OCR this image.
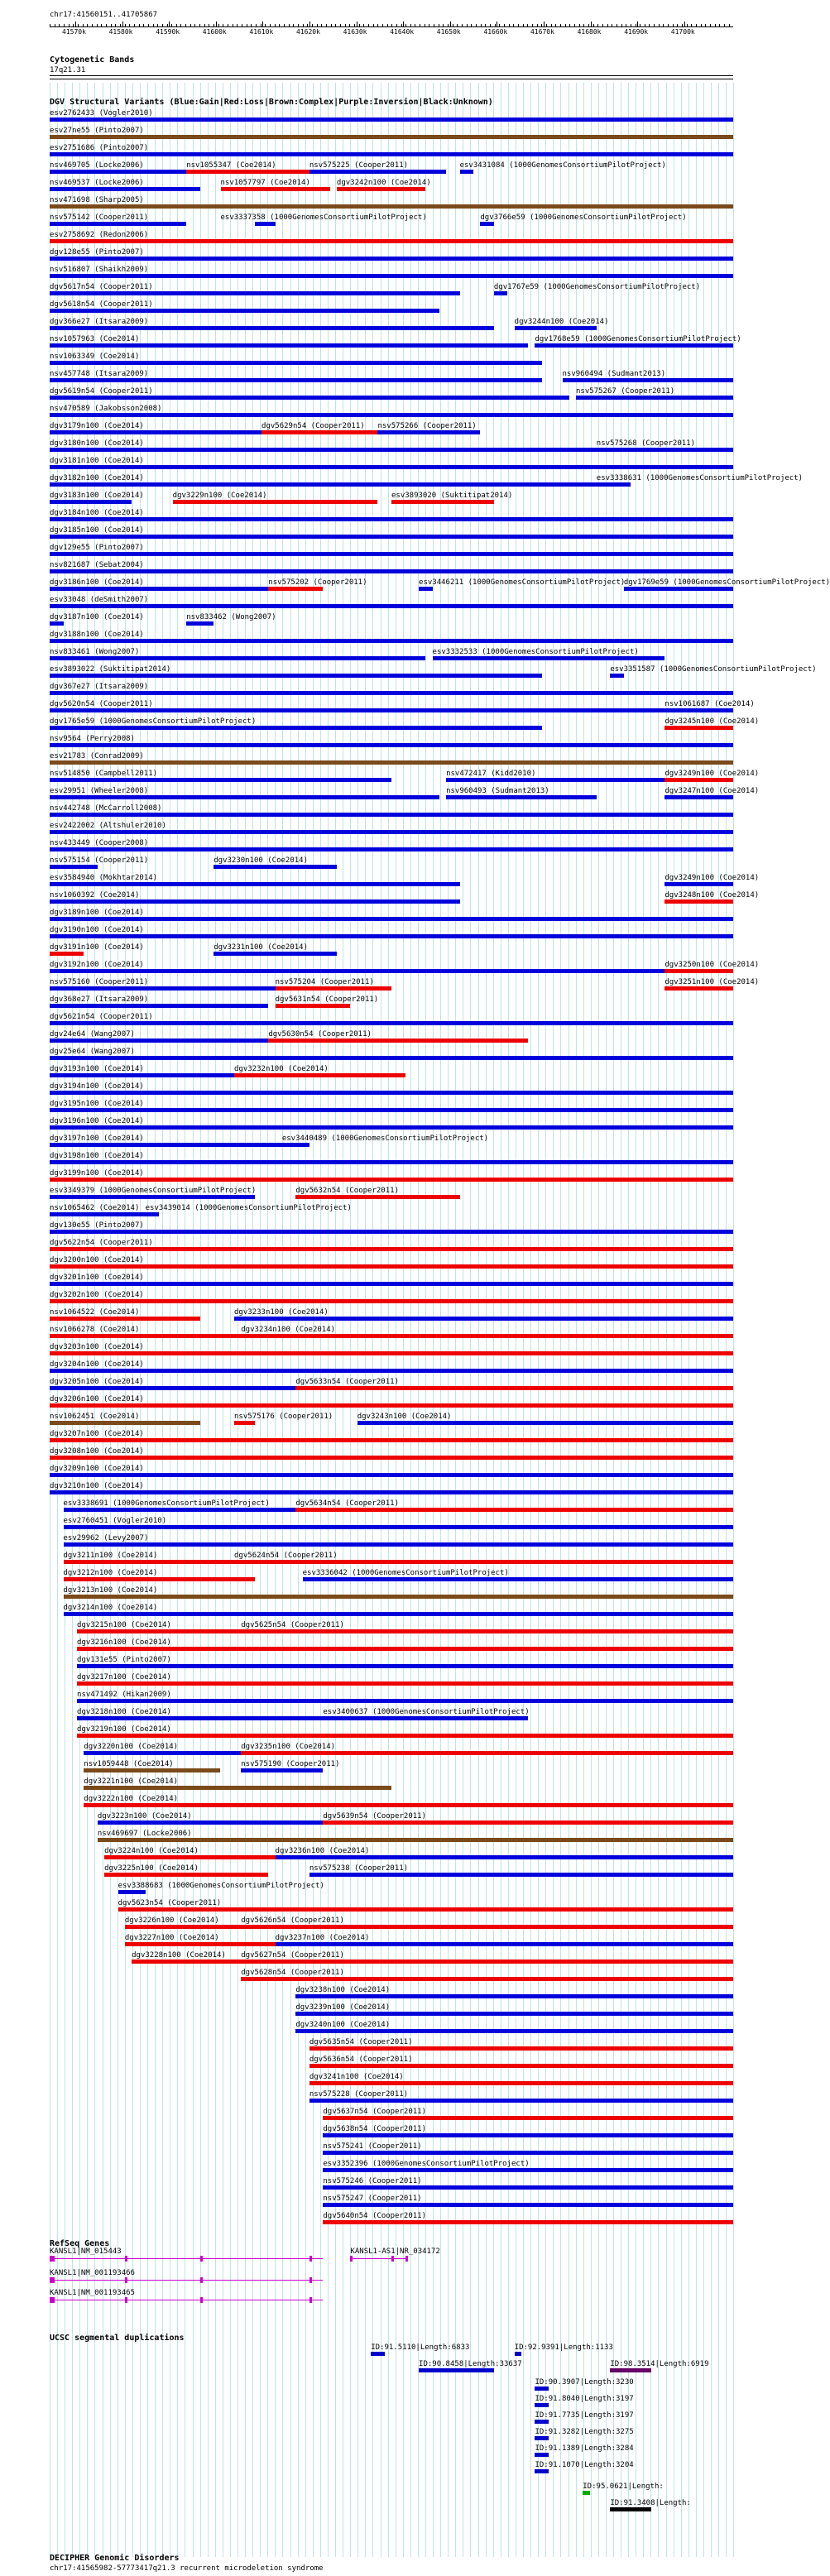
chr17:41560151..41705867
41570k	41580k	41590k	41600k	41610k	41620k	41630k	41640k	41650k	41660k	41670k	41680k	41690k	41700k
Cytogenetic Bands
17q21.31
DGV Structural Variants (Blue:Gain|Red:Loss|Brown:Complex|Purple:Inversion|Black:Unknown)
esv2762433 (Vogler2010)
esv27ne55 (Pinto2007)
esv2751686 (Pinto2007)
nsv469705 (Locke2006)	nsv1055347 (Coe2014)	nsv575225 (Cooper2011)	esv3431084 (1000GenomesConsortiumPilotProject)
nsv469537 (Locke2006)	nsv1057797 (Coe2014)	dgv3242n100 (Coe2014)
nsv471698 (Sharp2005)
nsv575142 (Cooper2011)	esv3337358 (1000GenomesConsortiumPilotProject)	dgv3766e59 (1000GenomesConsortiumPilotProject)
esv2758692 (Redon2006)
dgv128e55 (Pinto2007)
nsv516807 (Shaikh2009)
dgv5617n54 (Cooper2011)	dgv1767e59 (1000GenomesConsortiumPilotProject)
dgv5618n54 (Cooper2011)
dgv366e27 (Itsara2009)	dgv3244n100 (Coe2014)
nsv1057963 (Coe2014)	dgv1768e59 (1000GenomesConsortiumPilotProject)
nsv1063349 (Coe2014)
nsv457748 (Itsara2009)	nsv960494 (Sudmant2013)
dgv5619n54 (Cooper2011)	nsv575267 (Cooper2011)
nsv470589 (Jakobsson2008)
dgv3179n100 (Coe2014)	dgv5629n54 (Cooper2011) nsv575266 (Cooper2011)
dgv3180n100 (Coe2014)	nsv575268 (Cooper2011)
dgv3181n100 (Coe2014)
dgv3182n100 (Coe2014)	esv3338631 (1000GenomesConsortiumPilotProject)
dgv3183n100 (Coe2014)	dgv3229n100 (Coe2014)	esv3893020 (Suktitipat2014)
dgv3184n100 (Coe2014)
dgv3185n100 (Coe2014)
dgv129e55 (Pinto2007)
nsv821687 (Sebat2004)
dgv3186n100 (Coe2014)	nsv575202 (Cooper2011)	esv3446211 (1000GenomesConsortiumPilotProject)
dgv1769e59 (1000GenomesConsortiumPilotProject)
esv33048 (deSmith2007)
dgv3187n100 (Coe2014)	nsv833462 (Wong2007)
dgv3188n100 (Coe2014)
nsv833461 (Wong2007)	esv3332533 (1000GenomesConsortiumPilotProject)
esv3893022 (Suktitipat2014)	esv3351587 (1000GenomesConsortiumPilotProject)
dgv367e27 (Itsara2009)
dgv5620n54 (Cooper2011)	nsv1061687 (Coe2014)
dgv1765e59 (1000GenomesConsortiumPilotProject)	dgv3245n100 (Coe2014)
nsv9564 (Perry2008)
esv21783 (Conrad2009)
nsv514850 (Campbell2011)	nsv472417 (Kidd2010)	dgv3249n100 (Coe2014)
esv29951 (Wheeler2008)	nsv960493 (Sudmant2013)	dgv3247n100 (Coe2014)
nsv442748 (McCarroll2008)
esv2422002 (Altshuler2010)
nsv433449 (Cooper2008)
nsv575154 (Cooper2011)	dgv3230n100 (Coe2014)
esv3584940 (Mokhtar2014)	dgv3249n100 (Coe2014)
nsv1060392 (Coe2014)	dgv3248n100 (Coe2014)
dgv3189n100 (Coe2014)
dgv3190n100 (Coe2014)
dgv3191n100 (Coe2014)	dgv3231n100 (Coe2014)
dgv3192n100 (Coe2014)	dgv3250n100 (Coe2014)
nsv575160 (Cooper2011)	nsv575204 (Cooper2011)	dgv3251n100 (Coe2014)
dgv368e27 (Itsara2009)	dgv5631n54 (Cooper2011)
dgv5621n54 (Cooper2011)
dgv24e64 (Wang2007)	dgv5630n54 (Cooper2011)
dgv25e64 (Wang2007)
dgv3193n100 (Coe2014)	dgv3232n100 (Coe2014)
dgv3194n100 (Coe2014)
dgv3195n100 (Coe2014)
dgv3196n100 (Coe2014)
dgv3197n100 (Coe2014)	esv3440489 (1000GenomesConsortiumPilotProject)
dgv3198n100 (Coe2014)
dgv3199n100 (Coe2014)
esv3349379 (1000GenomesConsortiumPilotProject)	dgv5632n54 (Cooper2011)
nsv1065462 (Coe2014) esv3439014 (1000GenomesConsortiumPilotProject)
dgv130e55 (Pinto2007)
dgv5622n54 (Cooper2011)
dgv3200n100 (Coe2014)
dgv3201n100 (Coe2014)
dgv3202n100 (Coe2014)
nsv1064522 (Coe2014)	dgv3233n100 (Coe2014)
nsv1066278 (Coe2014)	dgv3234n100 (Coe2014)
dgv3203n100 (Coe2014)
dgv3204n100 (Coe2014)
dgv3205n100 (Coe2014)	dgv5633n54 (Cooper2011)
dgv3206n100 (Coe2014)
nsv1062451 (Coe2014)	nsv575176 (Cooper2011)	dgv3243n100 (Coe2014)
dgv3207n100 (Coe2014)
dgv3208n100 (Coe2014)
dgv3209n100 (Coe2014)
dgv3210n100 (Coe2014)
esv3338691 (1000GenomesConsortiumPilotProject)	dgv5634n54 (Cooper2011)
esv2760451 (Vogler2010)
esv29962 (Levy2007)
dgv3211n100 (Coe2014)	dgv5624n54 (Cooper2011)
dgv3212n100 (Coe2014)	esv3336042 (1000GenomesConsortiumPilotProject)
dgv3213n100 (Coe2014)
dgv3214n100 (Coe2014)
dgv3215n100 (Coe2014)	dgv5625n54 (Cooper2011)
dgv3216n100 (Coe2014)
dgv131e55 (Pinto2007)
dgv3217n100 (Coe2014)
nsv471492 (Hikan2009)
dgv3218n100 (Coe2014)	esv3400637 (1000GenomesConsortiumPilotProject)
dgv3219n100 (Coe2014)
dgv3220n100 (Coe2014)	dgv3235n100 (Coe2014)
nsv1059448 (Coe2014)	nsv575190 (Cooper2011)
dgv3221n100 (Coe2014)
dgv3222n100 (Coe2014)
dgv3223n100 (Coe2014)	dgv5639n54 (Cooper2011)
nsv469697 (Locke2006)
dgv3224n100 (Coe2014)	dgv3236n100 (Coe2014)
dgv3225n100 (Coe2014)	nsv575238 (Cooper2011)
esv3388683 (1000GenomesConsortiumPilotProject)
dgv5623n54 (Cooper2011)
dgv3226n100 (Coe2014)	dgv5626n54 (Cooper2011)
dgv3227n100 (Coe2014)	dgv3237n100 (Coe2014)
dgv3228n100 (Coe2014) dgv5627n54 (Cooper2011)
dgv5628n54 (Cooper2011)
dgv3238n100 (Coe2014)
dgv3239n100 (Coe2014)
dgv3240n100 (Coe2014)
dgv5635n54 (Cooper2011)
dgv5636n54 (Cooper2011)
dgv3241n100 (Coe2014)
nsv575228 (Cooper2011)
dgv5637n54 (Cooper2011)
dgv5638n54 (Cooper2011)
nsv575241 (Cooper2011)
esv3352396 (1000GenomesConsortiumPilotProject)
nsv575246 (Cooper2011)
nsv575247 (Cooper2011)
dgv5640n54 (Cooper2011)
RefSeq Genes
KANSL1|NM_015443
KANSL1|NM_001193466
KANSL1|NM_001193465
KANSL1-AS1|NR_034172
UCSC segmental duplications
ID:91.5110|Length:6833	ID:92.9391|Length:1133
ID:90.8458|Length:33637	ID:98.3514|Length:6919
ID:90.3907|Length:3230
ID:91.8040|Length:3197
ID:91.7735|Length:3197
ID:91.3282|Length:3275
ID:91.1389|Length:3284
ID:91.1070|Length:3204
ID:95.0621|Length:
ID:91.3408|Length:
DECIPHER Genomic Disorders
chr17:41565982-57773417q21.3 recurrent microdeletion syndrome
